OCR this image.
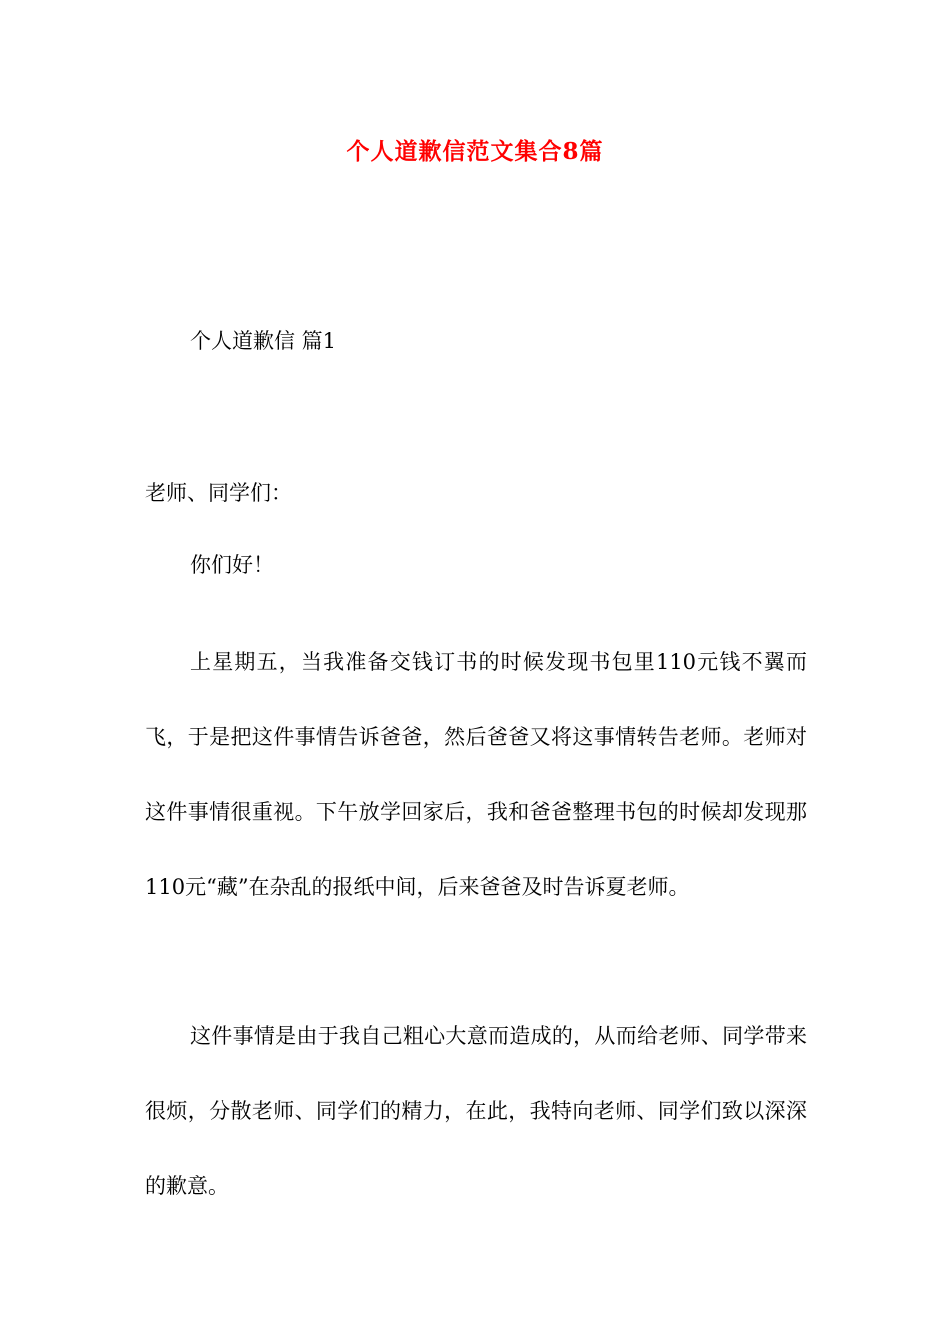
个人道歉信范文集合8篇
个人道歉信 篇1
老师、同学们：
你们好！

上星期五，当我准备交钱订书的时候发现书包里110元钱不翼而飞，于是把这件事情告诉爸爸，然后爸爸又将这事情转告老师。老师对这件事情很重视。下午放学回家后，我和爸爸整理书包的时候却发现那110元“藏”在杂乱的报纸中间，后来爸爸及时告诉夏老师。

这件事情是由于我自己粗心大意而造成的，从而给老师、同学带来很烦，分散老师、同学们的精力，在此，我特向老师、同学们致以深深的歉意。
